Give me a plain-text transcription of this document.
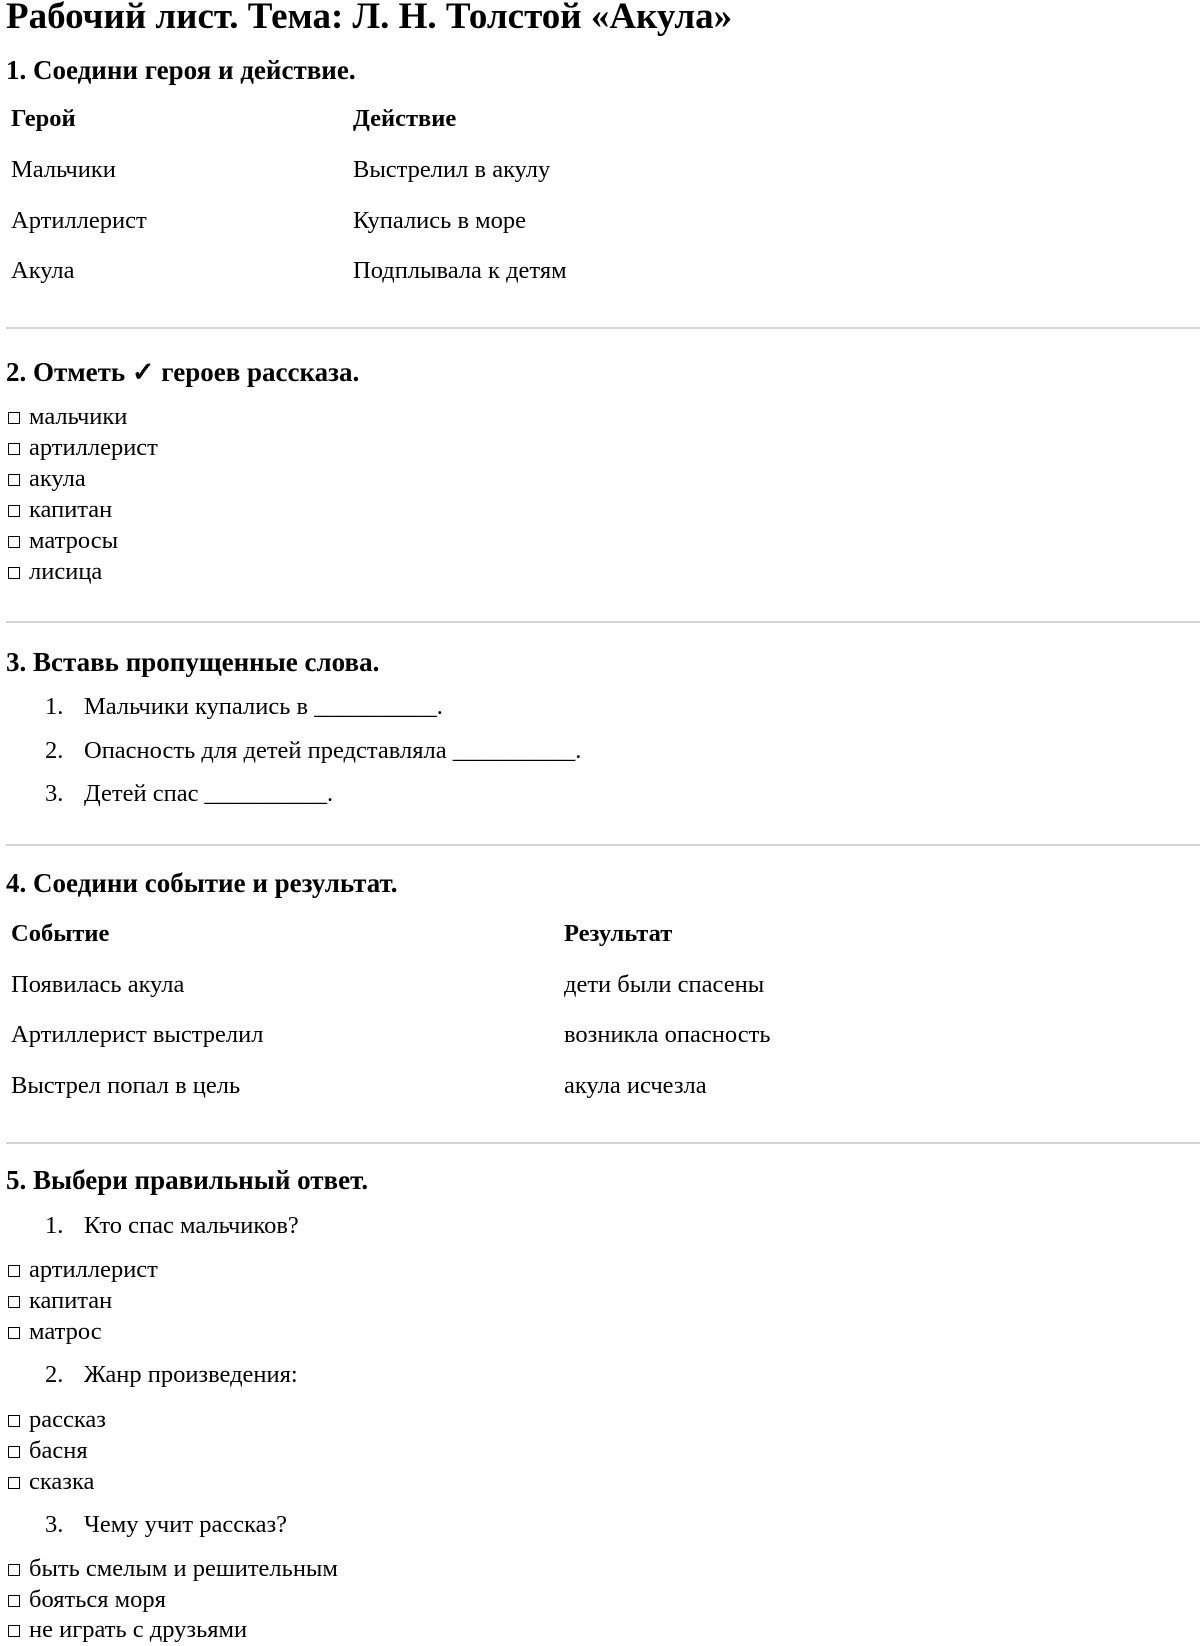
Рабочий лист. Тема: Л. Н. Толстой «Акула»
1. Соедини героя и действие.
Герой	Действие
Мальчики	Выстрелил в акулу
Артиллерист	Купались в море
Акула	Подплывала к детям
2. Отметь ✓ героев рассказа.
мальчики
артиллерист
акула
капитан
матросы
лисица
3. Вставь пропущенные слова.
1. Мальчики купались в __________.
2. Опасность для детей представляла __________.
3. Детей спас __________.
4. Соедини событие и результат.
Событие	Результат
Появилась акула	дети были спасены
Артиллерист выстрелил	возникла опасность
Выстрел попал в цель	акула исчезла
5. Выбери правильный ответ.
1. Кто спас мальчиков?
артиллерист
капитан
матрос
2. Жанр произведения:
рассказ
басня
сказка
3. Чему учит рассказ?
быть смелым и решительным
бояться моря
не играть с друзьями
